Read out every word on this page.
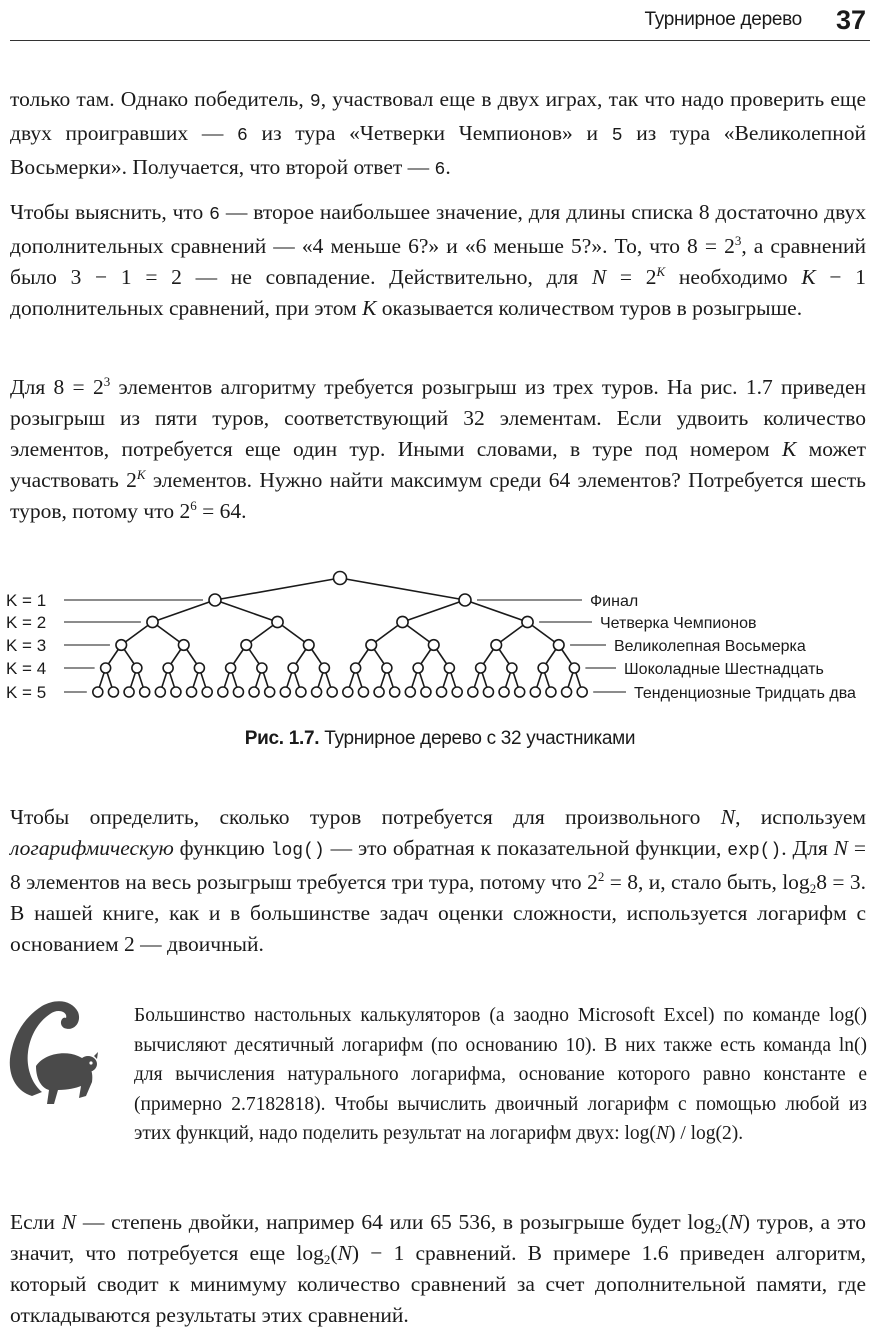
Турнирное дерево 37

только там. Однако победитель, 9, участвовал еще в двух играх, так что надо проверить еще двух проигравших — 6 из тура «Четверки Чемпионов» и 5 из тура «Великолепной Восьмерки». Получается, что второй ответ — 6.

Чтобы выяснить, что 6 — второе наибольшее значение, для длины списка 8 достаточно двух дополнительных сравнений — «4 меньше 6?» и «6 меньше 5?». То, что $8 = 2^3$, а сравнений было 3 − 1 = 2 — не совпадение. Действительно, для $N = 2^K$ необходимо K − 1 дополнительных сравнений, при этом K оказывается количеством туров в розыгрыше.

Для $8 = 2^3$ элементов алгоритму требуется розыгрыш из трех туров. На рис. 1.7 приведен розыгрыш из пяти туров, соответствующий 32 элементам. Если удвоить количество элементов, потребуется еще один тур. Иными словами, в туре под номером K может участвовать $2^K$ элементов. Нужно найти максимум среди 64 элементов? Потребуется шесть туров, потому что $2^6 = 64$.

K = 1	Финал
K = 2	Четверка Чемпионов
K = 3	Великолепная Восьмерка
K = 4	Шоколадные Шестнадцать
K = 5	Тенденциозные Тридцать два
Рис. 1.7. Турнирное дерево с 32 участниками

Чтобы определить, сколько туров потребуется для произвольного N, используем логарифмическую функцию log() — это обратная к показательной функции, exp(). Для N = 8 элементов на весь розыгрыш требуется три тура, потому что $2^2 = 8$, и, стало быть, $\log_28 = 3$. В нашей книге, как и в большинстве задач оценки сложности, используется логарифм с основанием 2 — двоичный.

Большинство настольных калькуляторов (а заодно Microsoft Excel) по команде log() вычисляют десятичный логарифм (по основанию 10). В них также есть команда ln() для вычисления натурального логарифма, основание которого равно константе e (примерно 2.7182818). Чтобы вычислить двоичный логарифм с помощью любой из этих функций, надо поделить результат на логарифм двух: log(N) / log(2).

Если N — степень двойки, например 64 или 65 536, в розыгрыше будет $\log_2(N)$ туров, а это значит, что потребуется еще $\log_2(N) - 1$ сравнений. В примере 1.6 приведен алгоритм, который сводит к минимуму количество сравнений за счет дополнительной памяти, где откладываются результаты этих сравнений.
